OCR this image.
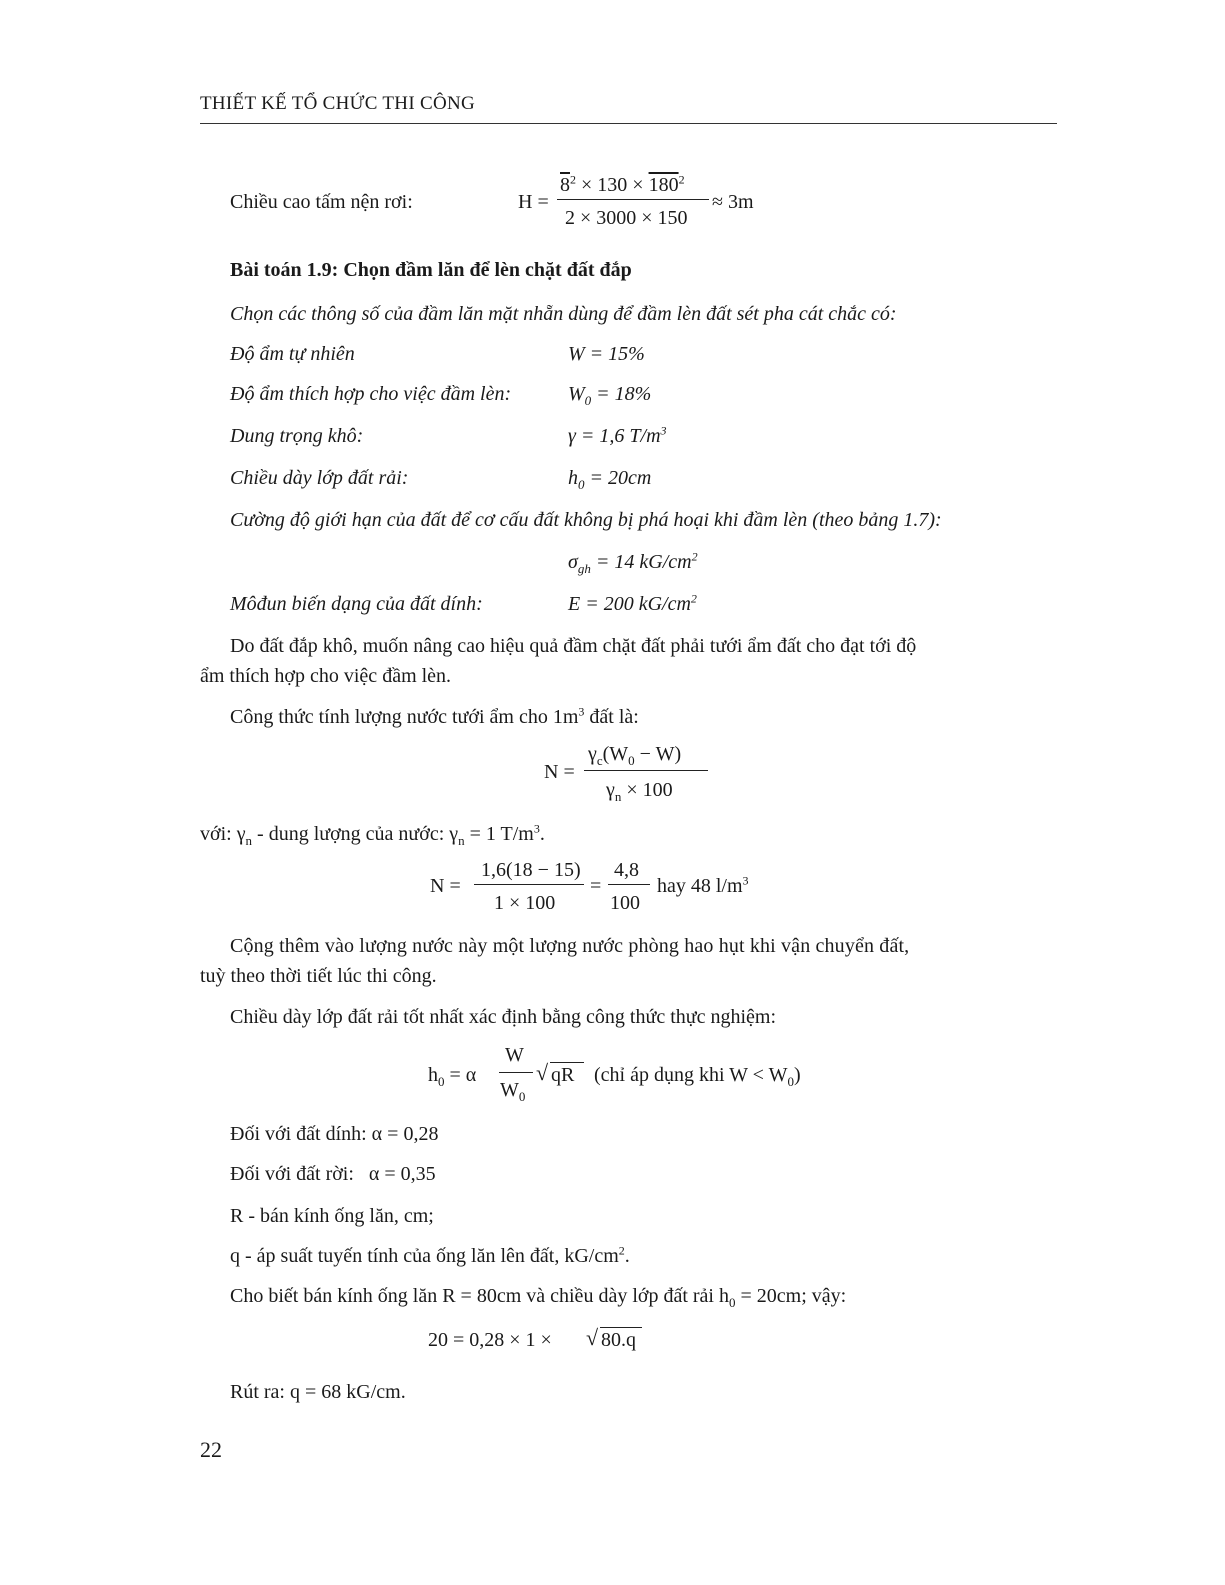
THIẾT KẾ TỔ CHỨC THI CÔNG
Chiều cao tấm nện rơi:	H =
$8^2 \times 130 \times 180^2$
2 × 3000 × 150
≈ 3m
Bài toán 1.9: Chọn đầm lăn để lèn chặt đất đắp
Chọn các thông số của đầm lăn mặt nhẵn dùng để đầm lèn đất sét pha cát chắc có:
Độ ẩm tự nhiên	W = 15%
Độ ẩm thích hợp cho việc đầm lèn:	$W_0 = 18\%$
Dung trọng khô:	γ = 1,6 $T/m^3$
Chiều dày lớp đất rải:	$h_0 = 20cm$
Cường độ giới hạn của đất để cơ cấu đất không bị phá hoại khi đầm lèn (theo bảng 1.7):
$\sigma_{gh} = 14$ $kG/cm^2$
Môđun biến dạng của đất dính:	E = 200 $kG/cm^2$
Do đất đắp khô, muốn nâng cao hiệu quả đầm chặt đất phải tưới ẩm đất cho đạt tới độ
ẩm thích hợp cho việc đầm lèn.
Công thức tính lượng nước tưới ẩm cho $1m^3$ đất là:
N =
$\gamma_c(W_0 - W)$
$\gamma_n \times 100$
với: $\gamma_n$ - dung lượng của nước: $\gamma_n = 1$ $T/m^3$.
N =
1,6(18 − 15)
1 × 100
=
4,8
100
hay 48 $l/m^3$
Cộng thêm vào lượng nước này một lượng nước phòng hao hụt khi vận chuyển đất,
tuỳ theo thời tiết lúc thi công.
Chiều dày lớp đất rải tốt nhất xác định bằng công thức thực nghiệm:
$h_0 = \alpha$
W
$W_0$
√ qR (chỉ áp dụng khi $W < W_0$)
Đối với đất dính: α = 0,28
Đối với đất rời:   α = 0,35
R - bán kính ống lăn, cm;
q - áp suất tuyến tính của ống lăn lên đất, $kG/cm^2$.
Cho biết bán kính ống lăn R = 80cm và chiều dày lớp đất rải $h_0 = 20cm$; vậy:
20 = 0,28 × 1 × √ 80.q
Rút ra: q = 68 kG/cm.
22
